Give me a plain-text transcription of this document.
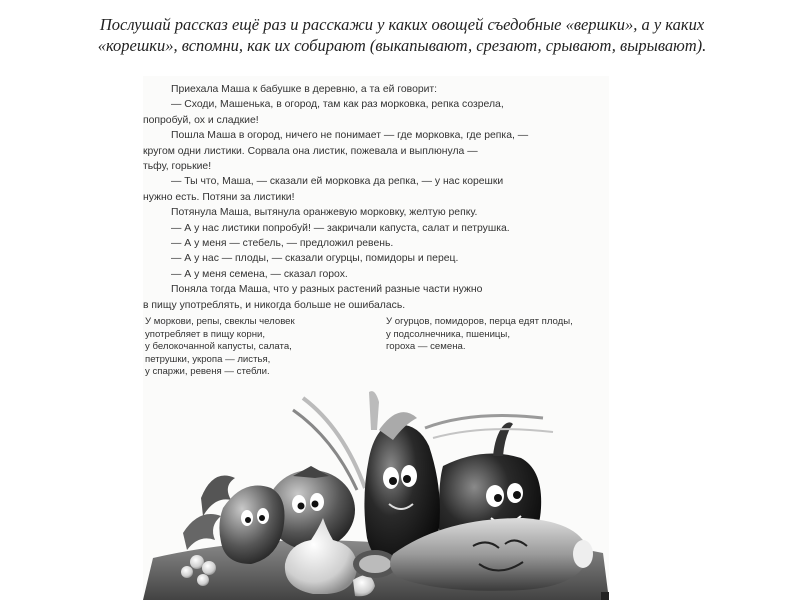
Послушай рассказ ещё раз и расскажи у каких овощей съедобные «вершки», а у каких
«корешки», вспомни, как их собирают (выкапывают, срезают, срывают, вырывают).
Приехала Маша к бабушке в деревню, а та ей говорит:
— Сходи, Машенька, в огород, там как раз морковка, репка созрела,
попробуй, ох и сладкие!
Пошла Маша в огород, ничего не понимает — где морковка, где репка, —
кругом одни листики. Сорвала она листик, пожевала и выплюнула —
тьфу, горькие!
— Ты что, Маша, — сказали ей морковка да репка, — у нас корешки
нужно есть. Потяни за листики!
Потянула Маша, вытянула оранжевую морковку, желтую репку.
— А у нас листики попробуй! — закричали капуста, салат и петрушка.
— А у меня — стебель, — предложил ревень.
— А у нас — плоды, — сказали огурцы, помидоры и перец.
— А у меня семена, — сказал горох.
Поняла тогда Маша, что у разных растений разные части нужно
в пищу употреблять, и никогда больше не ошибалась.
У моркови, репы, свеклы человек
употребляет в пищу корни,
у белокочанной капусты, салата,
петрушки, укропа — листья,
у спаржи, ревеня — стебли.
У огурцов, помидоров, перца едят плоды,
у подсолнечника, пшеницы,
гороха — семена.
